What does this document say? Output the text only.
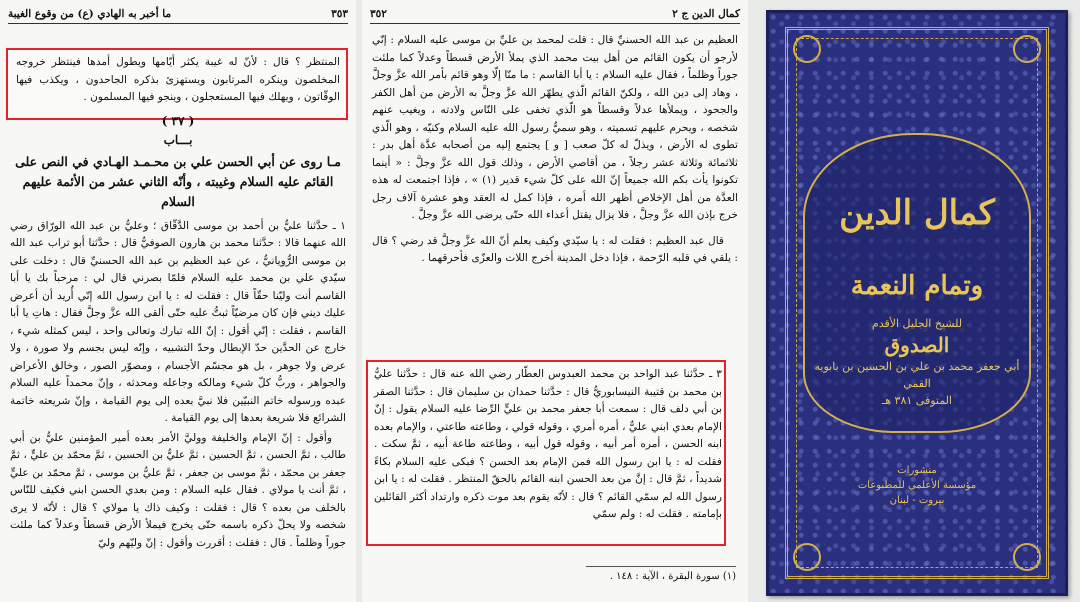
٣٥٣
ما أخبر به الهادي (ع) من وقوع الغيبة

المنتظر ؟ قال : لأنّ له غيبة يكثر أيّامها ويطول أمدها فينتظر خروجه المخلصون وينكره المرتابون ويستهزئ بذكره الجاحدون ، ويكذب فيها الوقّاتون ، ويهلك فيها المستعجلون ، وينجو فيها المسلمون .

( ٣٧ )

بـــاب

مـا روى عن أبي الحسن علي بن محـمـد الهـادي في النص على القائم عليه السلام وغيبته ، وأنّه الثاني عشر من الأئمة عليهم السلام

١ ـ حدَّثنا عليُّ بن أحمد بن موسى الدَّقّاق ؛ وعليُّ بن عبد الله الورّاق رضي الله عنهما قالا : حدَّثنا محمد بن هارون الصوفيُّ قال : حدَّثنا أبو تراب عبد الله بن موسى الرُّويانيُّ ، عن عبد العظيم بن عبد الله الحسنيِّ قال : دخلت على سيّدي علي بن محمد عليه السلام فلمّا بصرني قال لي : مرحباً بك يا أبا القاسم أنت وليّنا حقّاً قال : فقلت له : يا ابن رسول الله إنّي أُريد أن أعرض عليك ديني فإن كان مرضيّاً ثبتُّ عليه حتّى ألقى الله عزَّ وجلَّ فقال : هاتِ يا أبا القاسم ، فقلت : إنّي أقول : إنّ الله تبارك وتعالى واحد ، ليس كمثله شيء ، خارج عن الحدَّين حدّ الإبطال وحدّ التشبيه ، وإنّه ليس بجسم ولا صورة ، ولا عرض ولا جوهر ، بل هو مجسّم الأجسام ، ومصوّر الصور ، وخالق الأعراض والجواهر ، وربُّ كلّ شيء ومالكه وجاعله ومحدثه ، وإنّ محمداً عليه السلام عبده ورسوله خاتم النبيّين فلا نبيَّ بعده إلى يوم القيامة ، وإنّ شريعته خاتمة الشرائع فلا شريعة بعدها إلى يوم القيامة .

وأقول : إنّ الإمام والخليفة ووليَّ الأمر بعده أمير المؤمنين عليُّ بن أبي طالب ، ثمَّ الحسن ، ثمَّ الحسين ، ثمَّ عليُّ بن الحسين ، ثمَّ محمّد بن عليٍّ ، ثمَّ جعفر بن محمّد ، ثمَّ موسى بن جعفر ، ثمَّ عليُّ بن موسى ، ثمَّ محمّد بن عليٍّ ، ثمَّ أنت يا مولاي . فقال عليه السلام : ومن بعدي الحسن ابني فكيف للنّاس بالخلف من بعده ؟ قال : فقلت : وكيف ذاك يا مولاي ؟ قال : لأنّه لا يرى شخصه ولا يحلّ ذكره باسمه حتّى يخرج فيملأ الأرض قسطاً وعدلاً كما ملئت جوراً وظلماً . قال : فقلت : أقررت وأقول : إنّ وليّهم وليّ

كمال الدين ج ٢
٣٥٢

العظيم بن عبد الله الحسنيِّ قال : قلت لمحمد بن عليِّ بن موسى عليه السلام : إنّي لأرجو أن يكون القائم من أهل بيت محمد الذي يملأ الأرض قسطاً وعدلاً كما ملئت جوراً وظلماً ، فقال عليه السلام : يا أبا القاسم : ما منّا إلّا وهو قائم بأمر الله عزَّ وجلَّ ، وهاد إلى دين الله ، ولكنّ القائم الّذي يطهّر الله عزَّ وجلَّ به الأرض من أهل الكفر والجحود ، ويملأها عدلاً وقسطاً هو الّذي تخفى على النّاس ولادته ، ويغيب عنهم شخصه ، ويحرم عليهم تسميته ، وهو سميُّ رسول الله عليه السلام وكنيّه ، وهو الّذي تطوى له الأرض ، ويذلّ له كلّ صعب [ و ] يجتمع إليه من أصحابه عدَّة أهل بدر : ثلاثمائة وثلاثة عشر رجلاً ، من أقاصي الأرض ، وذلك قول الله عزَّ وجلَّ : « أينما تكونوا يأت بكم الله جميعاً إنّ الله على كلّ شيء قدير (١) » ، فإذا اجتمعت له هذه العدَّة من أهل الإخلاص أظهر الله أمره ، فإذا كمل له العقد وهو عشرة آلاف رجل خرج بإذن الله عزَّ وجلَّ ، فلا يزال يقتل أعداء الله حتّى يرضى الله عزَّ وجلَّ .

قال عبد العظيم : فقلت له : يا سيّدي وكيف يعلم أنّ الله عزَّ وجلَّ قد رضي ؟ قال : يلقي في قلبه الرّحمة ، فإذا دخل المدينة أخرج اللات والعزّى فأحرقهما .

٣ ـ حدَّثنا عبد الواحد بن محمد العبدوس العطّار رضي الله عنه قال : حدَّثنا عليُّ بن محمد بن قتيبة النيسابوريُّ قال : حدَّثنا حمدان بن سليمان قال : حدَّثنا الصقر بن أبي دلف قال : سمعت أبا جعفر محمد بن عليٍّ الرِّضا عليه السلام يقول : إنّ الإمام بعدي ابني عليٌّ ، أمره أمري ، وقوله قولي ، وطاعته طاعتي ، والإمام بعده ابنه الحسن ، أمره أمر أبيه ، وقوله قول أبيه ، وطاعته طاعة أبيه ، ثمَّ سكت . فقلت له : يا ابن رسول الله فمن الإمام بعد الحسن ؟ فبكى عليه السلام بكاءً شديداً ، ثمَّ قال : إنَّ من بعد الحسن ابنه القائم بالحقّ المنتظر . فقلت له : يا ابن رسول الله لم سمّي القائم ؟ قال : لأنّه يقوم بعد موت ذكره وارتداد أكثر القائلين بإمامته . فقلت له : ولم سمّي

(١) سورة البقرة ، الآية : ١٤٨ .
كمال الدين
وتمام النعمة
للشيخ الجليل الأقدم
الصدوق
أبي جعفر محمد بن علي بن الحسين بن بابويه القمي
المتوفى ٣٨١ هـ
منشورات
مؤسسة الأعلمي للمطبوعات
بيروت - لبنان
